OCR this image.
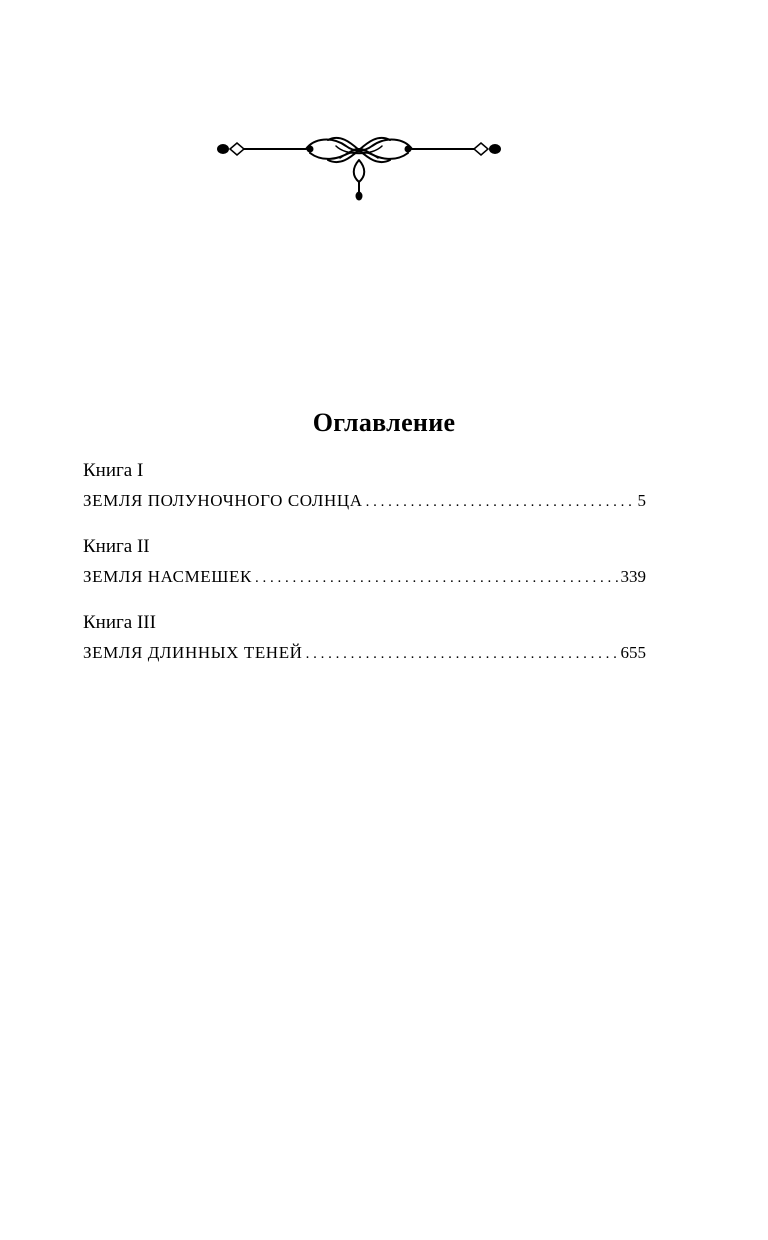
Оглавление
Книга I
ЗЕМЛЯ ПОЛУНОЧНОГО СОЛНЦА . . .	5
Книга II
ЗЕМЛЯ НАСМЕШЕК . . .	339
Книга III
ЗЕМЛЯ ДЛИННЫХ ТЕНЕЙ . . .	655
